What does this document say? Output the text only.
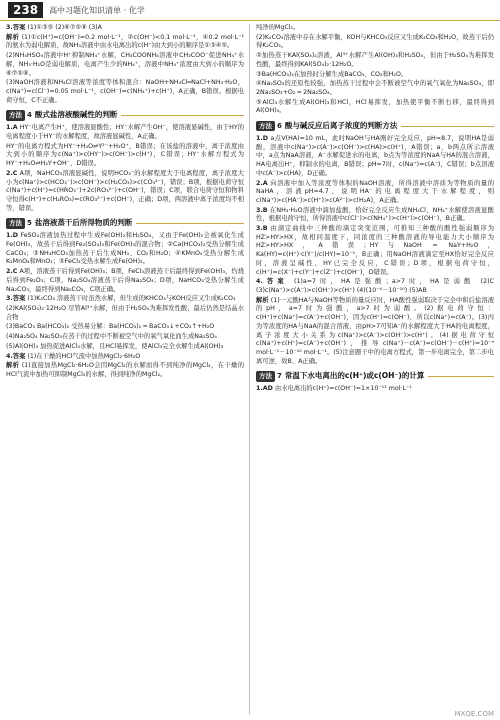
238	高中习题化知识清单 · 化学

3.答案 (1)①③⑤ (2)⑥⑦⑤⑧ (3)A

解析 (1)①c(H⁺)=c(OH⁻)=0.2 mol·L⁻¹，②c(OH⁻)<0.1 mol·L⁻¹，④0.2 mol·L⁻¹的氨水为弱电解质，故NH₃溶液中由水电离出的c(H⁺)由大到小的顺序是①③④⑤。

(2)NH₄HSO₄溶液中H⁺抑制NH₄⁺水解，CH₃COONH₄溶液中CH₃COO⁻促进NH₄⁺水解，NH₃·H₂O是弱电解质，电离产生少的NH₄⁺，溶液中NH₄⁺浓度由大到小的顺序为⑥⑦⑤⑧。

(3)NaOH溶液和NH₄Cl溶液等浓度等体积混合：NaOH+NH₄Cl═NaCl+NH₃·H₂O，c(Na⁺)=c(Cl⁻)=0.05 mol·L⁻¹，c(OH⁻)=c(NH₄⁺)+c(H⁺)，A正确，B错误。根据电荷守恒，C不正确。

方法 4 酸式盐溶液酸碱性的判断

1.A HY⁻电离产生H⁺，使溶液显酸性；HY⁻水解产生OH⁻，使溶液显碱性，由于HY的电离程度小于HY⁻的水解程度，故溶液显碱性，A正确。

HY⁻的电离方程式为HY⁻+H₂O⇌Y²⁻+H₃O⁺，B错误；在该盐的溶液中，离子浓度由大到小的顺序为c(Na⁺)>c(HY⁻)>c(OH⁻)>c(H⁺)，C错误；HY⁻水解方程式为HY⁻+H₂O⇌H₂Y+OH⁻，D错误。

2.C A项，NaHCO₃溶液显碱性，说明HCO₃⁻的水解程度大于电离程度，离子浓度大小为c(Na⁺)>c(HCO₃⁻)>c(OH⁻)>c(H₂CO₃)>c(CO₃²⁻)，错误；B项，根据电荷守恒c(Na⁺)+c(H⁺)=c(HRO₃⁻)+2c(RO₃²⁻)+c(OH⁻)，错误；C项，联合电荷守恒和物料守恒得c(H⁺)+c(H₂RO₃)=c(RO₃²⁻)+c(OH⁻)，正确；D项，两溶液中离子浓度均不相等，错误。

方法 5 盐溶液蒸干后所得物质的判断

1.D FeSO₄溶液加热过程中生成Fe(OH)₂和H₂SO₄，又由于Fe(OH)₂会被氧化生成Fe(OH)₃，故蒸干后得到Fe₂(SO₄)₃和Fe(OH)₃的混合物；②Ca(HCO₃)₂受热分解生成CaCO₃；③NH₄HCO₃加热蒸干后生成NH₃、CO₂和H₂O；④KMnO₄受热分解生成K₂MnO₄和MnO₂；⑤FeCl₃受热水解生成Fe(OH)₃。

2.C A项，溶液蒸干后得到Fe(OH)₃；B项，FeCl₃溶液蒸干后最终得到Fe(OH)₃，灼烧后得到Fe₂O₃；C项，Na₂SO₄溶液蒸干后得Na₂SO₄；D项，NaHCO₃受热分解生成Na₂CO₃，最终得到Na₂CO₃，C项正确。

3.答案 (1)K₂CO₃ 溶液蒸干时虽然水解，但生成的KHCO₃与KOH反应又生成K₂CO₃

(2)KAl(SO₄)₂·12H₂O 尽管Al³⁺水解，但由于H₂SO₄为难挥发性酸，最后仍然是结晶水合物

(3)BaCO₃ Ba(HCO₃)₂ 受热易分解：Ba(HCO₃)₂ ═ BaCO₃↓+CO₂↑+H₂O

(4)Na₂SO₄ Na₂SO₃在蒸干的过程中不断被空气中的氧气氧化而生成Na₂SO₄

(5)Al(OH)₃ 加热促进AlCl₃水解，且HCl易挥发，使AlCl₃完全水解生成Al(OH)₃

4.答案 (1)在干燥的HCl气流中加热MgCl₂·6H₂O

解析 (1)直接加热MgCl₂·6H₂O会因MgCl₂的水解而得不到纯净的MgCl₂，在干燥的HCl气流中加热可抑制MgCl₂的水解，得到纯净的MgCl₂。

纯净的MgCl₂。

(2)K₂CO₃溶液中存在水解平衡，KOH与KHCO₃反应又生成K₂CO₃和H₂O，故蒸干后仍得K₂CO₃。

②加热蒸干KAl(SO₄)₂溶液，Al³⁺水解产生Al(OH)₃和H₂SO₄，但由于H₂SO₄为难挥发性酸，最终得到KAl(SO₄)₂·12H₂O。

③Ba(HCO₃)₂在加热时分解生成BaCO₃、CO₂和H₂O。

④Na₂SO₃的还原性较强，加热蒸干过程中会不断被空气中的氧气氧化为Na₂SO₄，即2Na₂SO₃+O₂ ═ 2Na₂SO₄。

⑤AlCl₃水解生成Al(OH)₃和HCl，HCl易挥发，加热使平衡不断右移，最终得到Al(OH)₃。

方法 6 酸与碱反应后离子浓度的判断方法

1.D a点V(HA)=10 mL，此时NaOH与HA刚好完全反应，pH=8.7，说明HA是弱酸，溶液中c(Na⁺)>c(A⁻)>c(OH⁻)>c(HA)>c(H⁺)，A错误；a、b两点所示溶液中，a点为NaA溶液，A⁻水解促进水的电离，b点为等浓度的NaA与HA的混合溶液，HA电离出H⁺，抑制水的电离，B错误；pH=7时，c(Na⁺)=c(A⁻)，C错误；b点溶液中c(A⁻)>c(HA)，D正确。

2.A 向溶液中加入等浓度等体积的NaOH溶液，所得溶液中溶质为等物质的量的NaHA，溶液pH=4.7，说明HA⁻的电离程度大于水解程度，则c(Na⁺)>c(HA⁻)>c(H⁺)>c(A²⁻)>c(H₂A)，A正确。

3.B 在NH₃·H₂O溶液中滴加盐酸，恰好完全反应生成NH₄Cl，NH₄⁺水解使溶液显酸性，根据电荷守恒，所得溶液中c(Cl⁻)>c(NH₄⁺)>c(H⁺)>c(OH⁻)，B正确。

3.B 由滴定曲线中三种酸的滴定突变范围，可推知三种酸的酸性强弱顺序为HZ>HY>HX，故相同温度下，同浓度的三种酸溶液的导电能力大小顺序为HZ>HY>HX，A错误；HY与NaOH ═ NaY+H₂O，Ka(HY)=c(H⁺)·c(Y⁻)/c(HY)≈10⁻⁵，B正确；用NaOH溶液滴定至HX恰好完全反应时，溶液呈碱性，HY已完全反应，C错误；D项，根据电荷守恒，c(H⁺)=c(X⁻)+c(Y⁻)+c(Z⁻)+c(OH⁻)，D错误。

4.答案 (1)a=7时，HA是强酸；a>7时，HA是弱酸 (2)C (3)c(Na⁺)>c(A⁻)>c(OH⁻)>c(H⁺) (4)(10⁻⁴－10⁻¹⁰) (5)AB

解析 (1)一元酸HA与NaOH等物质的量反应时，HA酸性强弱取决于完全中和后盐溶液的pH，a=7时为强酸，a>7时为弱酸。(2)据电荷守恒：c(H⁺)+c(Na⁺)=c(A⁻)+c(OH⁻)，因为c(H⁺)=c(OH⁻)，所以c(Na⁺)=c(A⁻)。(3)丙为等浓度的HA与NaA的混合溶液，由pH>7可知A⁻的水解程度大于HA的电离程度，离子浓度大小关系为c(Na⁺)>c(A⁻)>c(OH⁻)>c(H⁺)。(4)据电荷守恒c(Na⁺)+c(H⁺)=c(A⁻)+c(OH⁻)，推导c(Na⁺)－c(A⁻)=c(OH⁻)－c(H⁺)=10⁻⁴ mol·L⁻¹－10⁻¹⁰ mol·L⁻¹。(5)注意题干中的电离方程式，第一步电离完全，第二步电离可逆，故B、A正确。

方法 7 常温下水电离出的c(H⁺)或c(OH⁻)的计算

1.AD 由水电离出的c(H⁺)=c(OH⁻)=1×10⁻¹² mol·L⁻¹

MXQE.COM
